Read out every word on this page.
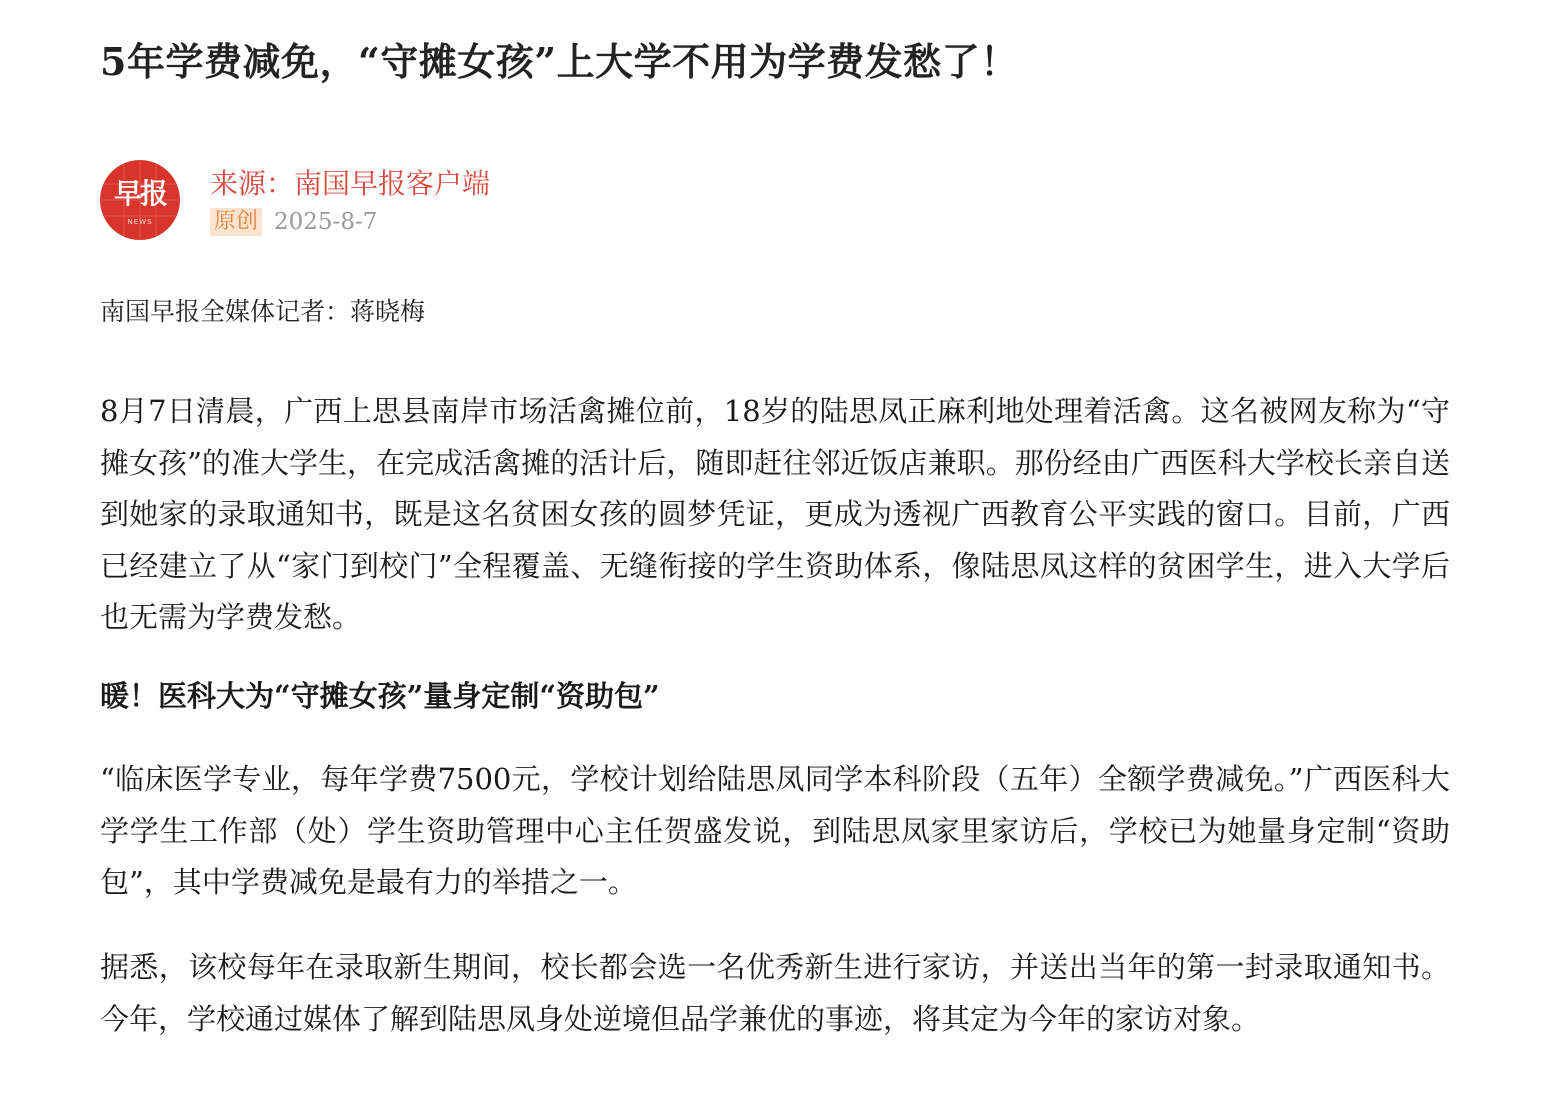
5年学费减免，“守摊女孩”上大学不用为学费发愁了！
早报
NEWS
来源：南国早报客户端
原创 2025-8-7
南国早报全媒体记者：蒋晓梅

8月7日清晨，广西上思县南岸市场活禽摊位前，18岁的陆思凤正麻利地处理着活禽。这名被网友称为“守摊女孩”的准大学生，在完成活禽摊的活计后，随即赶往邻近饭店兼职。那份经由广西医科大学校长亲自送到她家的录取通知书，既是这名贫困女孩的圆梦凭证，更成为透视广西教育公平实践的窗口。目前，广西已经建立了从“家门到校门”全程覆盖、无缝衔接的学生资助体系，像陆思凤这样的贫困学生，进入大学后也无需为学费发愁。

暖！医科大为“守摊女孩”量身定制“资助包”

“临床医学专业，每年学费7500元，学校计划给陆思凤同学本科阶段（五年）全额学费减免。”广西医科大学学生工作部（处）学生资助管理中心主任贺盛发说，到陆思凤家里家访后，学校已为她量身定制“资助包”，其中学费减免是最有力的举措之一。

据悉，该校每年在录取新生期间，校长都会选一名优秀新生进行家访，并送出当年的第一封录取通知书。今年，学校通过媒体了解到陆思凤身处逆境但品学兼优的事迹，将其定为今年的家访对象。
